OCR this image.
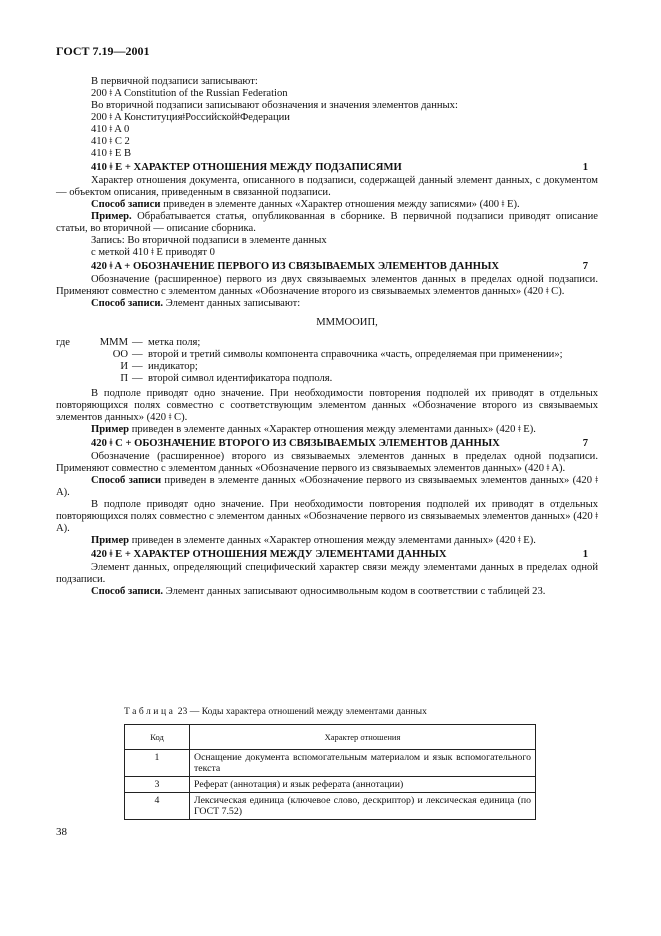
ГОСТ 7.19—2001

В первичной подзаписи записывают:

200 ǂ A Constitution of the Russian Federation

Во вторичной подзаписи записывают обозначения и значения элементов данных:

200 ǂ A КонституцияǂРоссийскойǂФедерации

410 ǂ A 0

410 ǂ C 2

410 ǂ E B

410 ǂ E + ХАРАКТЕР ОТНОШЕНИЯ МЕЖДУ ПОДЗАПИСЯМИ	1

Характер отношения документа, описанного в подзаписи, содержащей данный элемент данных, с документом — объектом описания, приведенным в связанной подзаписи.

Способ записи приведен в элементе данных «Характер отношения между записями» (400 ǂ E).

Пример. Обрабатывается статья, опубликованная в сборнике. В первичной подзаписи приводят описание статьи, во вторичной — описание сборника.

Запись: Во вторичной подзаписи в элементе данных

с меткой 410 ǂ E приводят 0

420 ǂ A + ОБОЗНАЧЕНИЕ ПЕРВОГО ИЗ СВЯЗЫВАЕМЫХ ЭЛЕМЕНТОВ ДАННЫХ	7

Обозначение (расширенное) первого из двух связываемых элементов данных в пределах одной подзаписи. Применяют совместно с элементом данных «Обозначение второго из связываемых элементов данных» (420 ǂ C).

Способ записи. Элемент данных записывают:

МММООИП,

где	МММ — метка поля;
ОО — второй и третий символы компонента справочника «часть, определяемая при применении»;
И — индикатор;
П — второй символ идентификатора подполя.

В подполе приводят одно значение. При необходимости повторения подполей их приводят в отдельных повторяющихся полях совместно с соответствующим элементом данных «Обозначение второго из связываемых элементов данных» (420 ǂ C).

Пример приведен в элементе данных «Характер отношения между элементами данных» (420 ǂ E).

420 ǂ C + ОБОЗНАЧЕНИЕ ВТОРОГО ИЗ СВЯЗЫВАЕМЫХ ЭЛЕМЕНТОВ ДАННЫХ	7

Обозначение (расширенное) второго из связываемых элементов данных в пределах одной подзаписи. Применяют совместно с элементом данных «Обозначение первого из связываемых элементов данных» (420 ǂ A).

Способ записи приведен в элементе данных «Обозначение первого из связываемых элементов данных» (420 ǂ A).

В подполе приводят одно значение. При необходимости повторения подполей их приводят в отдельных повторяющихся полях совместно с элементом данных «Обозначение первого из связываемых элементов данных» (420 ǂ A).

Пример приведен в элементе данных «Характер отношения между элементами данных» (420 ǂ E).

420 ǂ E + ХАРАКТЕР ОТНОШЕНИЯ МЕЖДУ ЭЛЕМЕНТАМИ ДАННЫХ	1

Элемент данных, определяющий специфический характер связи между элементами данных в пределах одной подзаписи.

Способ записи. Элемент данных записывают односимвольным кодом в соответствии с таблицей 23.

Таблица 23 — Коды характера отношений между элементами данных
Код	Характер отношения
1	Оснащение документа вспомогательным материалом и язык вспомогательного текста
3	Реферат (аннотация) и язык реферата (аннотации)
4	Лексическая единица (ключевое слово, дескриптор) и лексическая единица (по ГОСТ 7.52)
38
